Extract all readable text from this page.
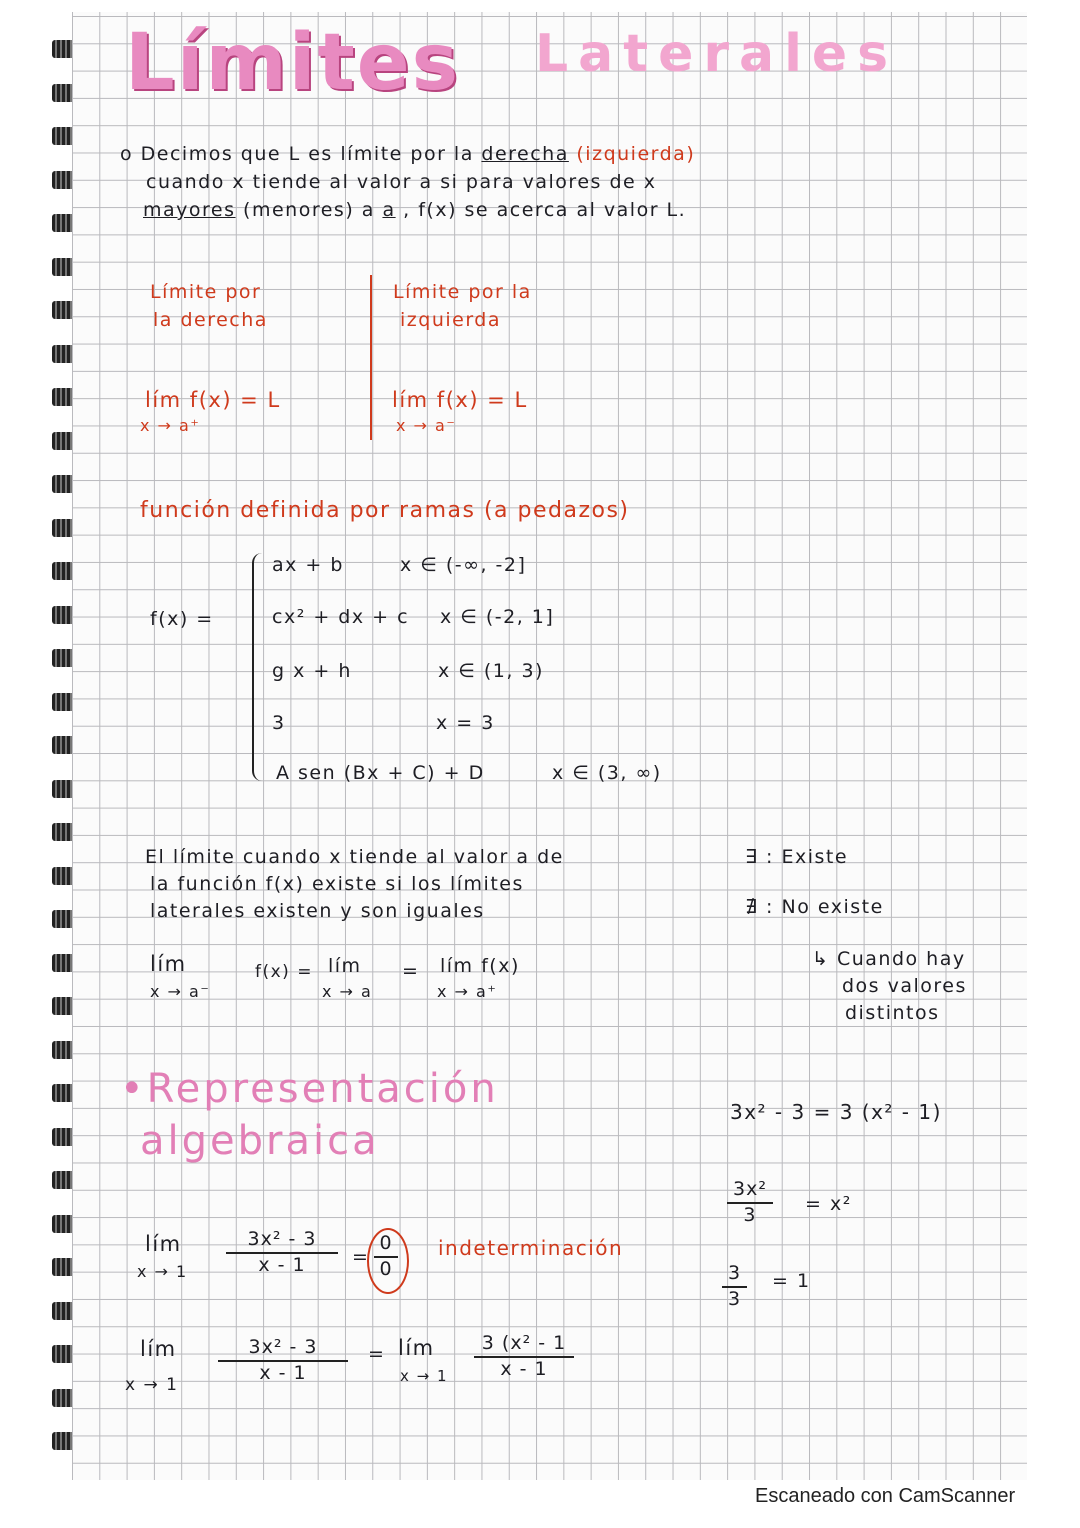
Límites Laterales
o Decimos que L es límite por la derecha (izquierda)
cuando x tiende al valor a si para valores de x
mayores (menores) a a , f(x) se acerca al valor L.
Límite por
la derecha
lím f(x) = L
x → a⁺
Límite por la
izquierda
lím f(x) = L
x → a⁻
función definida por ramas (a pedazos)
f(x) =
ax + b	x ∈ (-∞, -2]
cx² + dx + c x ∈ (-2, 1]
g x + h	x ∈ (1, 3)
3	x = 3
A sen (Bx + C) + D	x ∈ (3, ∞)
El límite cuando x tiende al valor a de
la función f(x) existe si los límites
laterales existen y son iguales
lím
x → a⁻
f(x) = lím
x → a
= lím f(x)
x → a⁺
∃ : Existe
∄ : No existe
↳ Cuando hay
dos valores
distintos
•Representación
algebraica
3x² - 3 = 3 (x² - 1)
$\frac{\text{3x²}}{3} = x^2$
$\frac{3}{3} = 1$
lím
$x \to 1 \frac{\text{3x² - 3}}{x - 1} = \frac{0}{0}$ indeterminación
lím
x → 1
$\frac{\text{3x² - 3}}{x - 1}$ = lím
$x \to 1 \frac{\text{3 (x² - 1}}{x - 1}$
Escaneado con CamScanner
